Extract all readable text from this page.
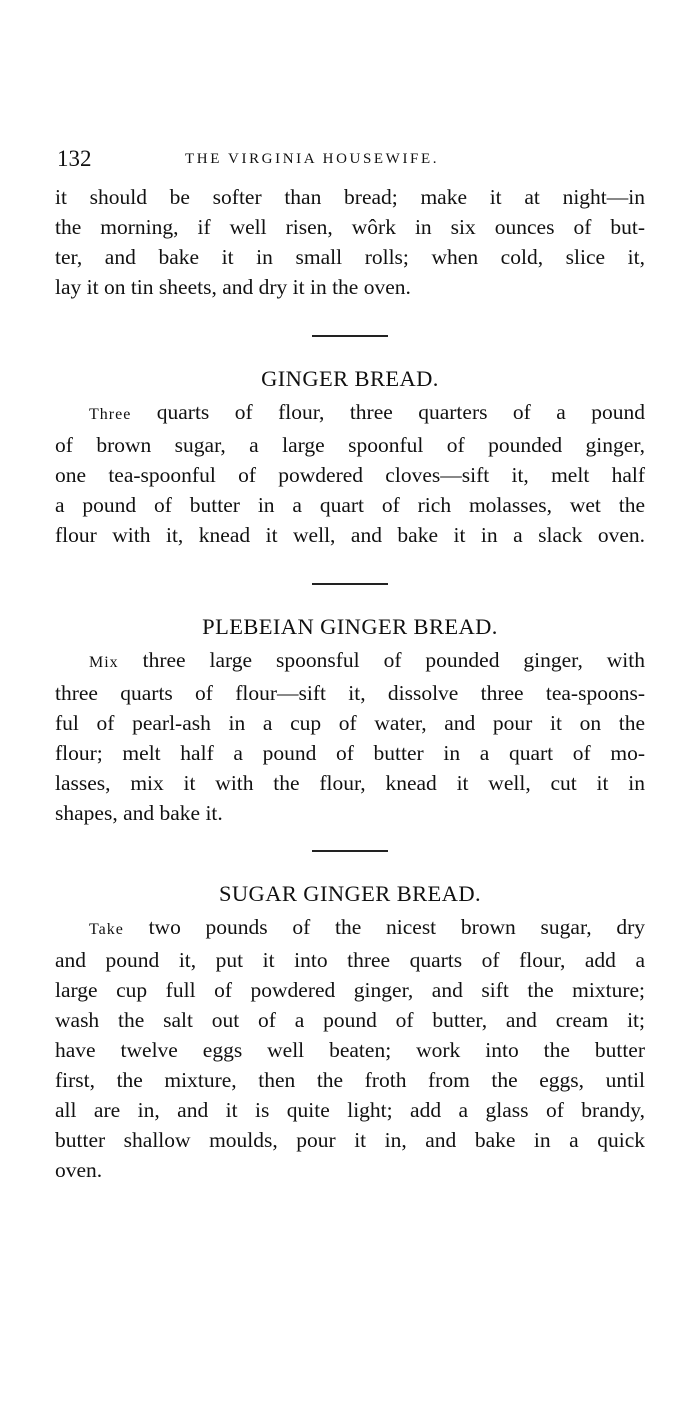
132	THE VIRGINIA HOUSEWIFE.
it should be softer than bread; make it at night—in
the morning, if well risen, wôrk in six ounces of but-
ter, and bake it in small rolls; when cold, slice it,
lay it on tin sheets, and dry it in the oven.
GINGER BREAD.
Three quarts of flour, three quarters of a pound
of brown sugar, a large spoonful of pounded ginger,
one tea-spoonful of powdered cloves—sift it, melt half
a pound of butter in a quart of rich molasses, wet the
flour with it, knead it well, and bake it in a slack oven.
PLEBEIAN GINGER BREAD.
Mix three large spoonsful of pounded ginger, with
three quarts of flour—sift it, dissolve three tea-spoons-
ful of pearl-ash in a cup of water, and pour it on the
flour; melt half a pound of butter in a quart of mo-
lasses, mix it with the flour, knead it well, cut it in
shapes, and bake it.
SUGAR GINGER BREAD.
Take two pounds of the nicest brown sugar, dry
and pound it, put it into three quarts of flour, add a
large cup full of powdered ginger, and sift the mixture;
wash the salt out of a pound of butter, and cream it;
have twelve eggs well beaten; work into the butter
first, the mixture, then the froth from the eggs, until
all are in, and it is quite light; add a glass of brandy,
butter shallow moulds, pour it in, and bake in a quick
oven.
